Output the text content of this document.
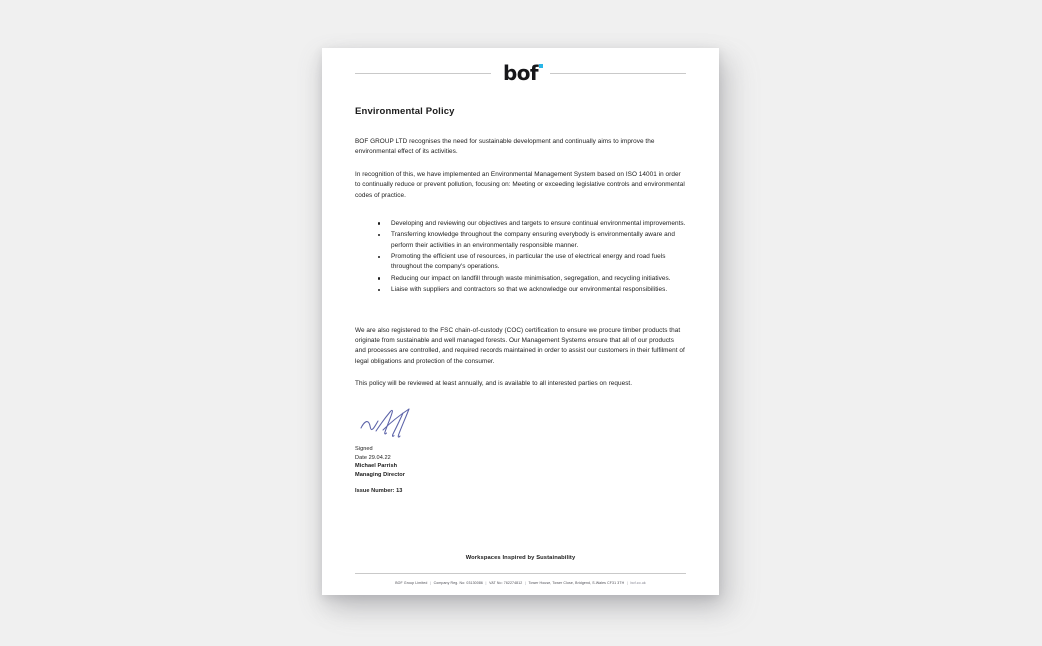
bof
Environmental Policy

BOF GROUP LTD recognises the need for sustainable development and continually aims to improve the environmental effect of its activities.

In recognition of this, we have implemented an Environmental Management System based on ISO 14001 in order to continually reduce or prevent pollution, focusing on: Meeting or exceeding legislative controls and environmental codes of practice.

Developing and reviewing our objectives and targets to ensure continual environmental improvements.
Transferring knowledge throughout the company ensuring everybody is environmentally aware and perform their activities in an environmentally responsible manner.
Promoting the efficient use of resources, in particular the use of electrical energy and road fuels throughout the company's operations.
Reducing our impact on landfill through waste minimisation, segregation, and recycling initiatives.
Liaise with suppliers and contractors so that we acknowledge our environmental responsibilities.

We are also registered to the FSC chain-of-custody (COC) certification to ensure we procure timber products that originate from sustainable and well managed forests. Our Management Systems ensure that all of our products and processes are controlled, and required records maintained in order to assist our customers in their fulfilment of legal obligations and protection of the consumer.

This policy will be reviewed at least annually, and is available to all interested parties on request.

Signed
Date 29.04.22
Michael Parrish
Managing Director
Issue Number: 13
Workspaces Inspired by Sustainability
BOF Group Limited | Company Reg. No: 03130086 | VAT No: 762274812 | Tower House, Tower Close, Bridgend, S.Wales CF31 3TH | bof.co.uk
